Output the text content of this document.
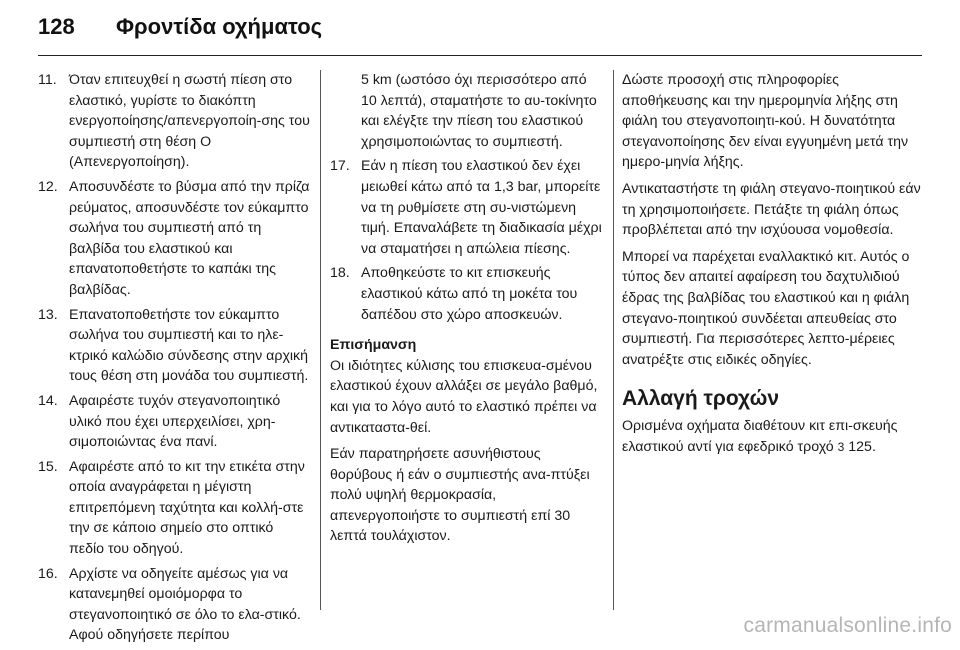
128	Φροντίδα οχήματος
11. Όταν επιτευχθεί η σωστή πίεση στο ελαστικό, γυρίστε το διακόπτη ενεργοποίησης/απενεργοποίη-σης του συμπιεστή στη θέση O (Απενεργοποίηση).
12. Αποσυνδέστε το βύσμα από την πρίζα ρεύματος, αποσυνδέστε τον εύκαμπτο σωλήνα του συμπιεστή από τη βαλβίδα του ελαστικού και επανατοποθετήστε το καπάκι της βαλβίδας.
13. Επανατοποθετήστε τον εύκαμπτο σωλήνα του συμπιεστή και το ηλε-κτρικό καλώδιο σύνδεσης στην αρχική τους θέση στη μονάδα του συμπιεστή.
14. Αφαιρέστε τυχόν στεγανοποιητικό υλικό που έχει υπερχειλίσει, χρη-σιμοποιώντας ένα πανί.
15. Αφαιρέστε από το κιτ την ετικέτα στην οποία αναγράφεται η μέγιστη επιτρεπόμενη ταχύτητα και κολλή-στε την σε κάποιο σημείο στο οπτικό πεδίο του οδηγού.
16. Αρχίστε να οδηγείτε αμέσως για να κατανεμηθεί ομοιόμορφα το στεγανοποιητικό σε όλο το ελα-στικό. Αφού οδηγήσετε περίπου
5 km (ωστόσο όχι περισσότερο από 10 λεπτά), σταματήστε το αυ-τοκίνητο και ελέγξτε την πίεση του ελαστικού χρησιμοποιώντας το συμπιεστή.
17. Εάν η πίεση του ελαστικού δεν έχει μειωθεί κάτω από τα 1,3 bar, μπορείτε να τη ρυθμίσετε στη συ-νιστώμενη τιμή. Επαναλάβετε τη διαδικασία μέχρι να σταματήσει η απώλεια πίεσης.
18. Αποθηκεύστε το κιτ επισκευής ελαστικού κάτω από τη μοκέτα του δαπέδου στο χώρο αποσκευών.
Επισήμανση
Οι ιδιότητες κύλισης του επισκευα-σμένου ελαστικού έχουν αλλάξει σε μεγάλο βαθμό, και για το λόγο αυτό το ελαστικό πρέπει να αντικαταστα-θεί.
Εάν παρατηρήσετε ασυνήθιστους θορύβους ή εάν ο συμπιεστής ανα-πτύξει πολύ υψηλή θερμοκρασία, απενεργοποιήστε το συμπιεστή επί 30 λεπτά τουλάχιστον.
Δώστε προσοχή στις πληροφορίες αποθήκευσης και την ημερομηνία λήξης στη φιάλη του στεγανοποιητι-κού. Η δυνατότητα στεγανοποίησης δεν είναι εγγυημένη μετά την ημερο-μηνία λήξης.
Αντικαταστήστε τη φιάλη στεγανο-ποιητικού εάν τη χρησιμοποιήσετε. Πετάξτε τη φιάλη όπως προβλέπεται από την ισχύουσα νομοθεσία.
Μπορεί να παρέχεται εναλλακτικό κιτ. Αυτός ο τύπος δεν απαιτεί αφαίρεση του δαχτυλιδιού έδρας της βαλβίδας του ελαστικού και η φιάλη στεγανο-ποιητικού συνδέεται απευθείας στο συμπιεστή. Για περισσότερες λεπτο-μέρειες ανατρέξτε στις ειδικές οδηγίες.
Αλλαγή τροχών
Ορισμένα οχήματα διαθέτουν κιτ επι-σκευής ελαστικού αντί για εφεδρικό τροχό 3 125.
carmanualsonline.info
